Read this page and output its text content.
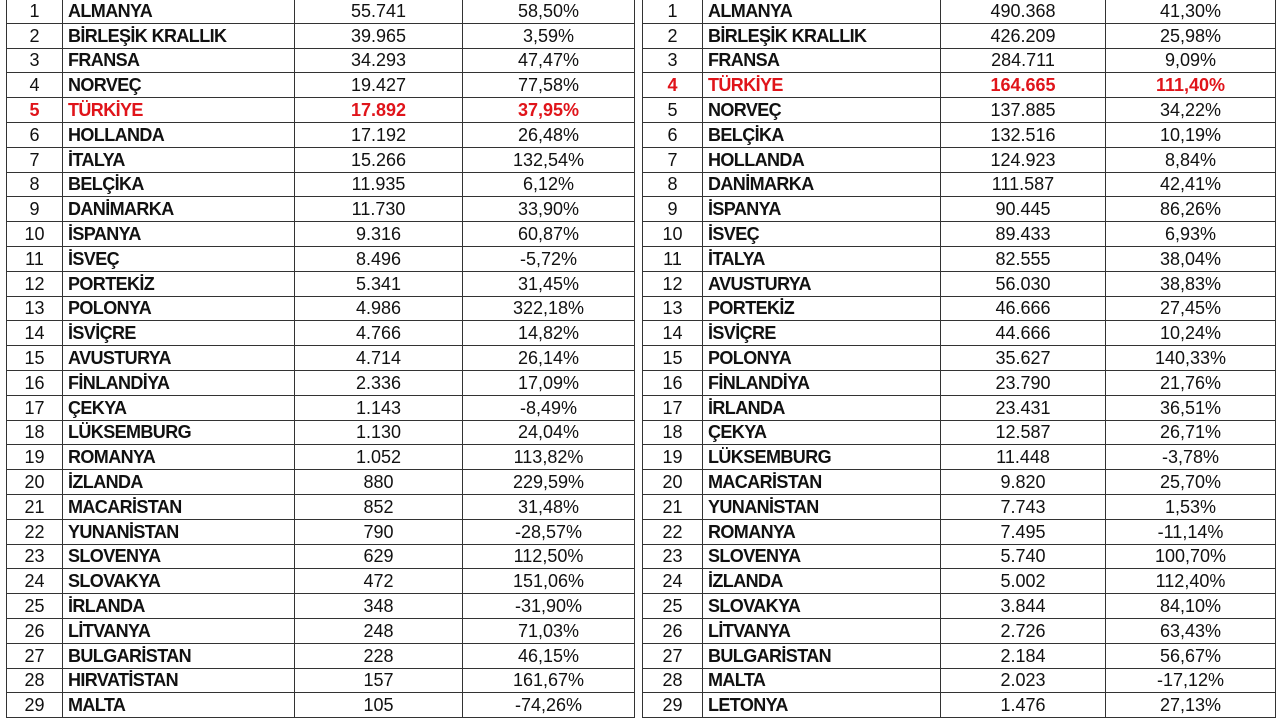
1	ALMANYA	55.741	58,50%
2	BİRLEŞİK KRALLIK	39.965	3,59%
3	FRANSA	34.293	47,47%
4	NORVEÇ	19.427	77,58%
5	TÜRKİYE	17.892	37,95%
6	HOLLANDA	17.192	26,48%
7	İTALYA	15.266	132,54%
8	BELÇİKA	11.935	6,12%
9	DANİMARKA	11.730	33,90%
10	İSPANYA	9.316	60,87%
11	İSVEÇ	8.496	-5,72%
12	PORTEKİZ	5.341	31,45%
13	POLONYA	4.986	322,18%
14	İSVİÇRE	4.766	14,82%
15	AVUSTURYA	4.714	26,14%
16	FİNLANDİYA	2.336	17,09%
17	ÇEKYA	1.143	-8,49%
18	LÜKSEMBURG	1.130	24,04%
19	ROMANYA	1.052	113,82%
20	İZLANDA	880	229,59%
21	MACARİSTAN	852	31,48%
22	YUNANİSTAN	790	-28,57%
23	SLOVENYA	629	112,50%
24	SLOVAKYA	472	151,06%
25	İRLANDA	348	-31,90%
26	LİTVANYA	248	71,03%
27	BULGARİSTAN	228	46,15%
28	HIRVATİSTAN	157	161,67%
29	MALTA	105	-74,26%
1	ALMANYA	490.368	41,30%
2	BİRLEŞİK KRALLIK	426.209	25,98%
3	FRANSA	284.711	9,09%
4	TÜRKİYE	164.665	111,40%
5	NORVEÇ	137.885	34,22%
6	BELÇİKA	132.516	10,19%
7	HOLLANDA	124.923	8,84%
8	DANİMARKA	111.587	42,41%
9	İSPANYA	90.445	86,26%
10	İSVEÇ	89.433	6,93%
11	İTALYA	82.555	38,04%
12	AVUSTURYA	56.030	38,83%
13	PORTEKİZ	46.666	27,45%
14	İSVİÇRE	44.666	10,24%
15	POLONYA	35.627	140,33%
16	FİNLANDİYA	23.790	21,76%
17	İRLANDA	23.431	36,51%
18	ÇEKYA	12.587	26,71%
19	LÜKSEMBURG	11.448	-3,78%
20	MACARİSTAN	9.820	25,70%
21	YUNANİSTAN	7.743	1,53%
22	ROMANYA	7.495	-11,14%
23	SLOVENYA	5.740	100,70%
24	İZLANDA	5.002	112,40%
25	SLOVAKYA	3.844	84,10%
26	LİTVANYA	2.726	63,43%
27	BULGARİSTAN	2.184	56,67%
28	MALTA	2.023	-17,12%
29	LETONYA	1.476	27,13%
